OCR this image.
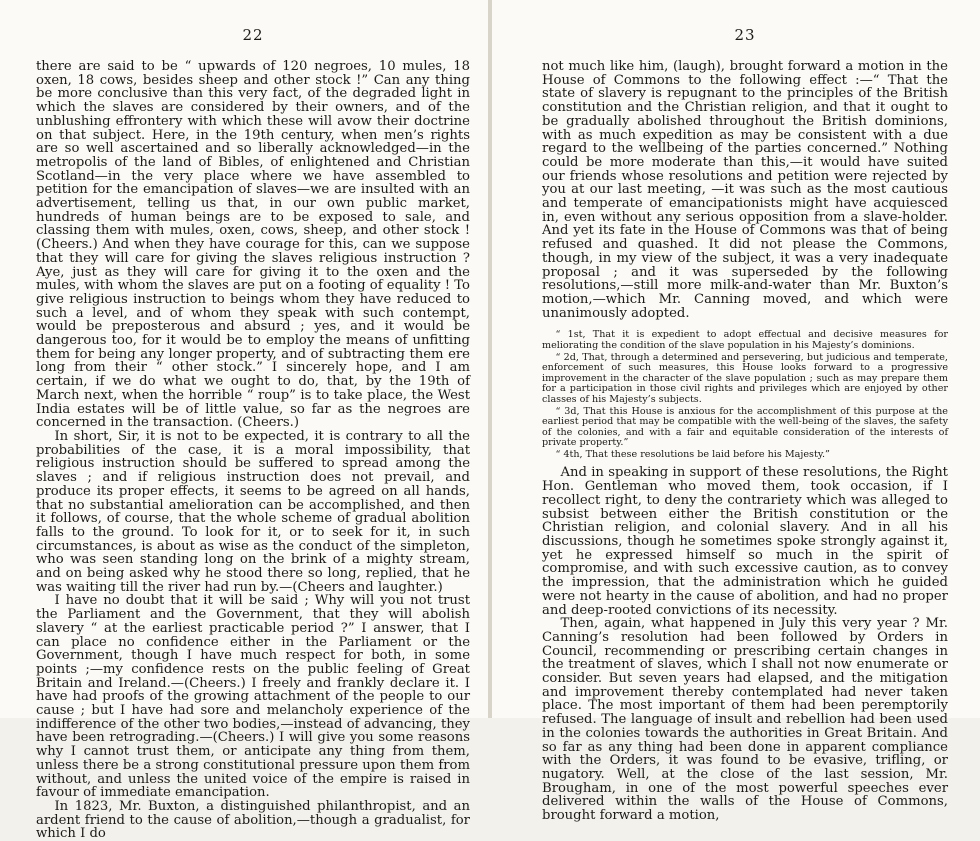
22

there are said to be “ upwards of 120 negroes, 10 mules, 18 oxen, 18 cows, besides sheep and other stock !” Can any thing be more conclusive than this very fact, of the degraded light in which the slaves are considered by their owners, and of the unblushing effrontery with which these will avow their doctrine on that subject. Here, in the 19th century, when men’s rights are so well ascertained and so liberally acknowledged—in the metropolis of the land of Bibles, of enlightened and Christian Scotland—in the very place where we have assembled to petition for the emancipation of slaves—we are insulted with an advertisement, telling us that, in our own public market, hundreds of human beings are to be exposed to sale, and classing them with mules, oxen, cows, sheep, and other stock ! (Cheers.) And when they have courage for this, can we suppose that they will care for giving the slaves religious instruction ? Aye, just as they will care for giving it to the oxen and the mules, with whom the slaves are put on a footing of equality ! To give religious instruction to beings whom they have reduced to such a level, and of whom they speak with such contempt, would be preposterous and absurd ; yes, and it would be dangerous too, for it would be to employ the means of unfitting them for being any longer property, and of subtracting them ere long from their “ other stock.” I sincerely hope, and I am certain, if we do what we ought to do, that, by the 19th of March next, when the horrible “ roup” is to take place, the West India estates will be of little value, so far as the negroes are concerned in the transaction. (Cheers.)

In short, Sir, it is not to be expected, it is contrary to all the probabilities of the case, it is a moral impossibility, that religious instruction should be suffered to spread among the slaves ; and if religious instruction does not prevail, and produce its proper effects, it seems to be agreed on all hands, that no substantial amelioration can be accomplished, and then it follows, of course, that the whole scheme of gradual abolition falls to the ground. To look for it, or to seek for it, in such circumstances, is about as wise as the conduct of the simpleton, who was seen standing long on the brink of a mighty stream, and on being asked why he stood there so long, replied, that he was waiting till the river had run by.—(Cheers and laughter.)

I have no doubt that it will be said ; Why will you not trust the Parliament and the Government, that they will abolish slavery “ at the earliest practicable period ?” I answer, that I can place no confidence either in the Parliament or the Government, though I have much respect for both, in some points ;—my confidence rests on the public feeling of Great Britain and Ireland.—(Cheers.) I freely and frankly declare it. I have had proofs of the growing attachment of the people to our cause ; but I have had sore and melancholy experience of the indifference of the other two bodies,—instead of advancing, they have been retrograding.—(Cheers.) I will give you some reasons why I cannot trust them, or anticipate any thing from them, unless there be a strong constitutional pressure upon them from without, and unless the united voice of the empire is raised in favour of immediate emancipation.

In 1823, Mr. Buxton, a distinguished philanthropist, and an ardent friend to the cause of abolition,—though a gradualist, for which I do

23

not much like him, (laugh), brought forward a motion in the House of Commons to the following effect :—“ That the state of slavery is repugnant to the principles of the British constitution and the Christian religion, and that it ought to be gradually abolished throughout the British dominions, with as much expedition as may be consistent with a due regard to the wellbeing of the parties concerned.” Nothing could be more moderate than this,—it would have suited our friends whose resolutions and petition were rejected by you at our last meeting, —it was such as the most cautious and temperate of emancipationists might have acquiesced in, even without any serious opposition from a slave-holder. And yet its fate in the House of Commons was that of being refused and quashed. It did not please the Commons, though, in my view of the subject, it was a very inadequate proposal ; and it was superseded by the following resolutions,—still more milk-and-water than Mr. Buxton’s motion,—which Mr. Canning moved, and which were unanimously adopted.

“ 1st, That it is expedient to adopt effectual and decisive measures for meliorating the condition of the slave population in his Majesty’s dominions.

“ 2d, That, through a determined and persevering, but judicious and temperate, enforcement of such measures, this House looks forward to a progressive improvement in the character of the slave population ; such as may prepare them for a participation in those civil rights and privileges which are enjoyed by other classes of his Majesty’s subjects.

“ 3d, That this House is anxious for the accomplishment of this purpose at the earliest period that may be compatible with the well-being of the slaves, the safety of the colonies, and with a fair and equitable consideration of the interests of private property.”

“ 4th, That these resolutions be laid before his Majesty.”

And in speaking in support of these resolutions, the Right Hon. Gentleman who moved them, took occasion, if I recollect right, to deny the contrariety which was alleged to subsist between either the British constitution or the Christian religion, and colonial slavery. And in all his discussions, though he sometimes spoke strongly against it, yet he expressed himself so much in the spirit of compromise, and with such excessive caution, as to convey the impression, that the administration which he guided were not hearty in the cause of abolition, and had no proper and deep-rooted convictions of its necessity.

Then, again, what happened in July this very year ? Mr. Canning’s resolution had been followed by Orders in Council, recommending or prescribing certain changes in the treatment of slaves, which I shall not now enumerate or consider. But seven years had elapsed, and the mitigation and improvement thereby contemplated had never taken place. The most important of them had been peremptorily refused. The language of insult and rebellion had been used in the colonies towards the authorities in Great Britain. And so far as any thing had been done in apparent compliance with the Orders, it was found to be evasive, trifling, or nugatory. Well, at the close of the last session, Mr. Brougham, in one of the most powerful speeches ever delivered within the walls of the House of Commons, brought forward a motion,
